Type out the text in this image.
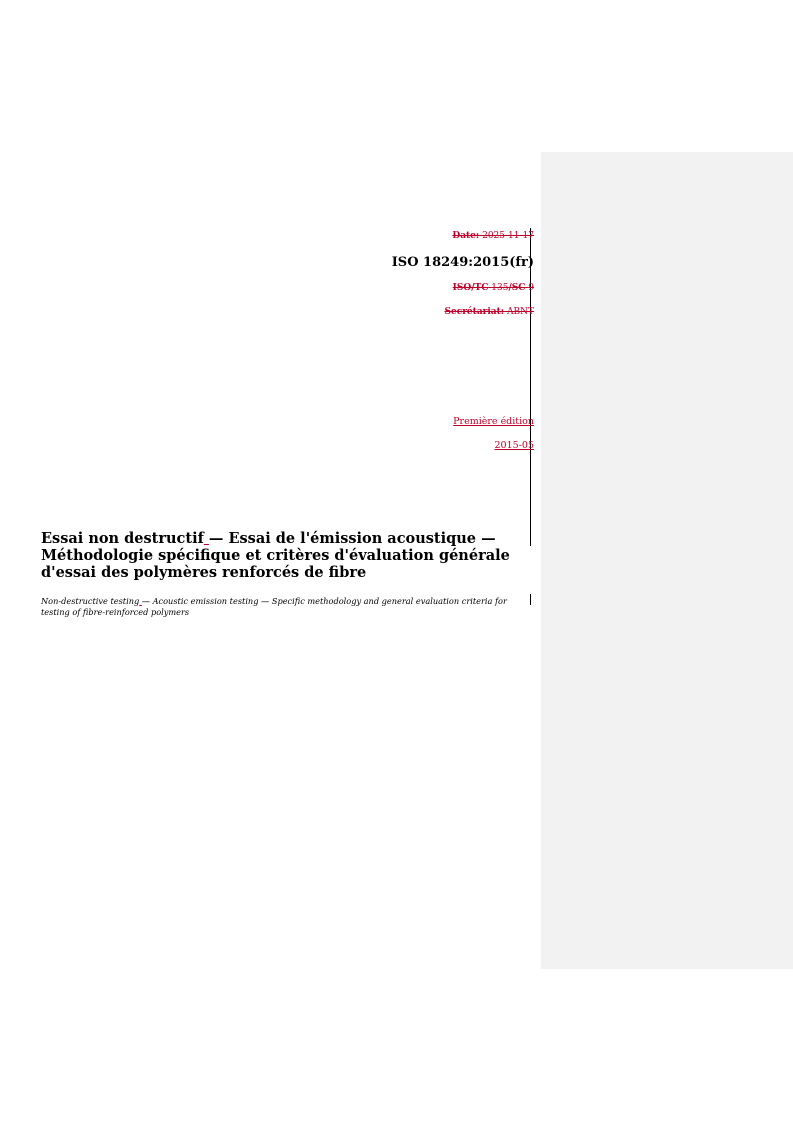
Date: 2025-11-17
ISO 18249:2015(fr)
ISO/TC 135/SC 9
Secrétariat: ABNT
Première édition
2015-05
Essai non destructif — Essai de l'émission acoustique — Méthodologie spécifique et critères d'évaluation générale d'essai des polymères renforcés de fibre
Non-destructive testing — Acoustic emission testing — Specific methodology and general evaluation criteria for testing of fibre-reinforced polymers
